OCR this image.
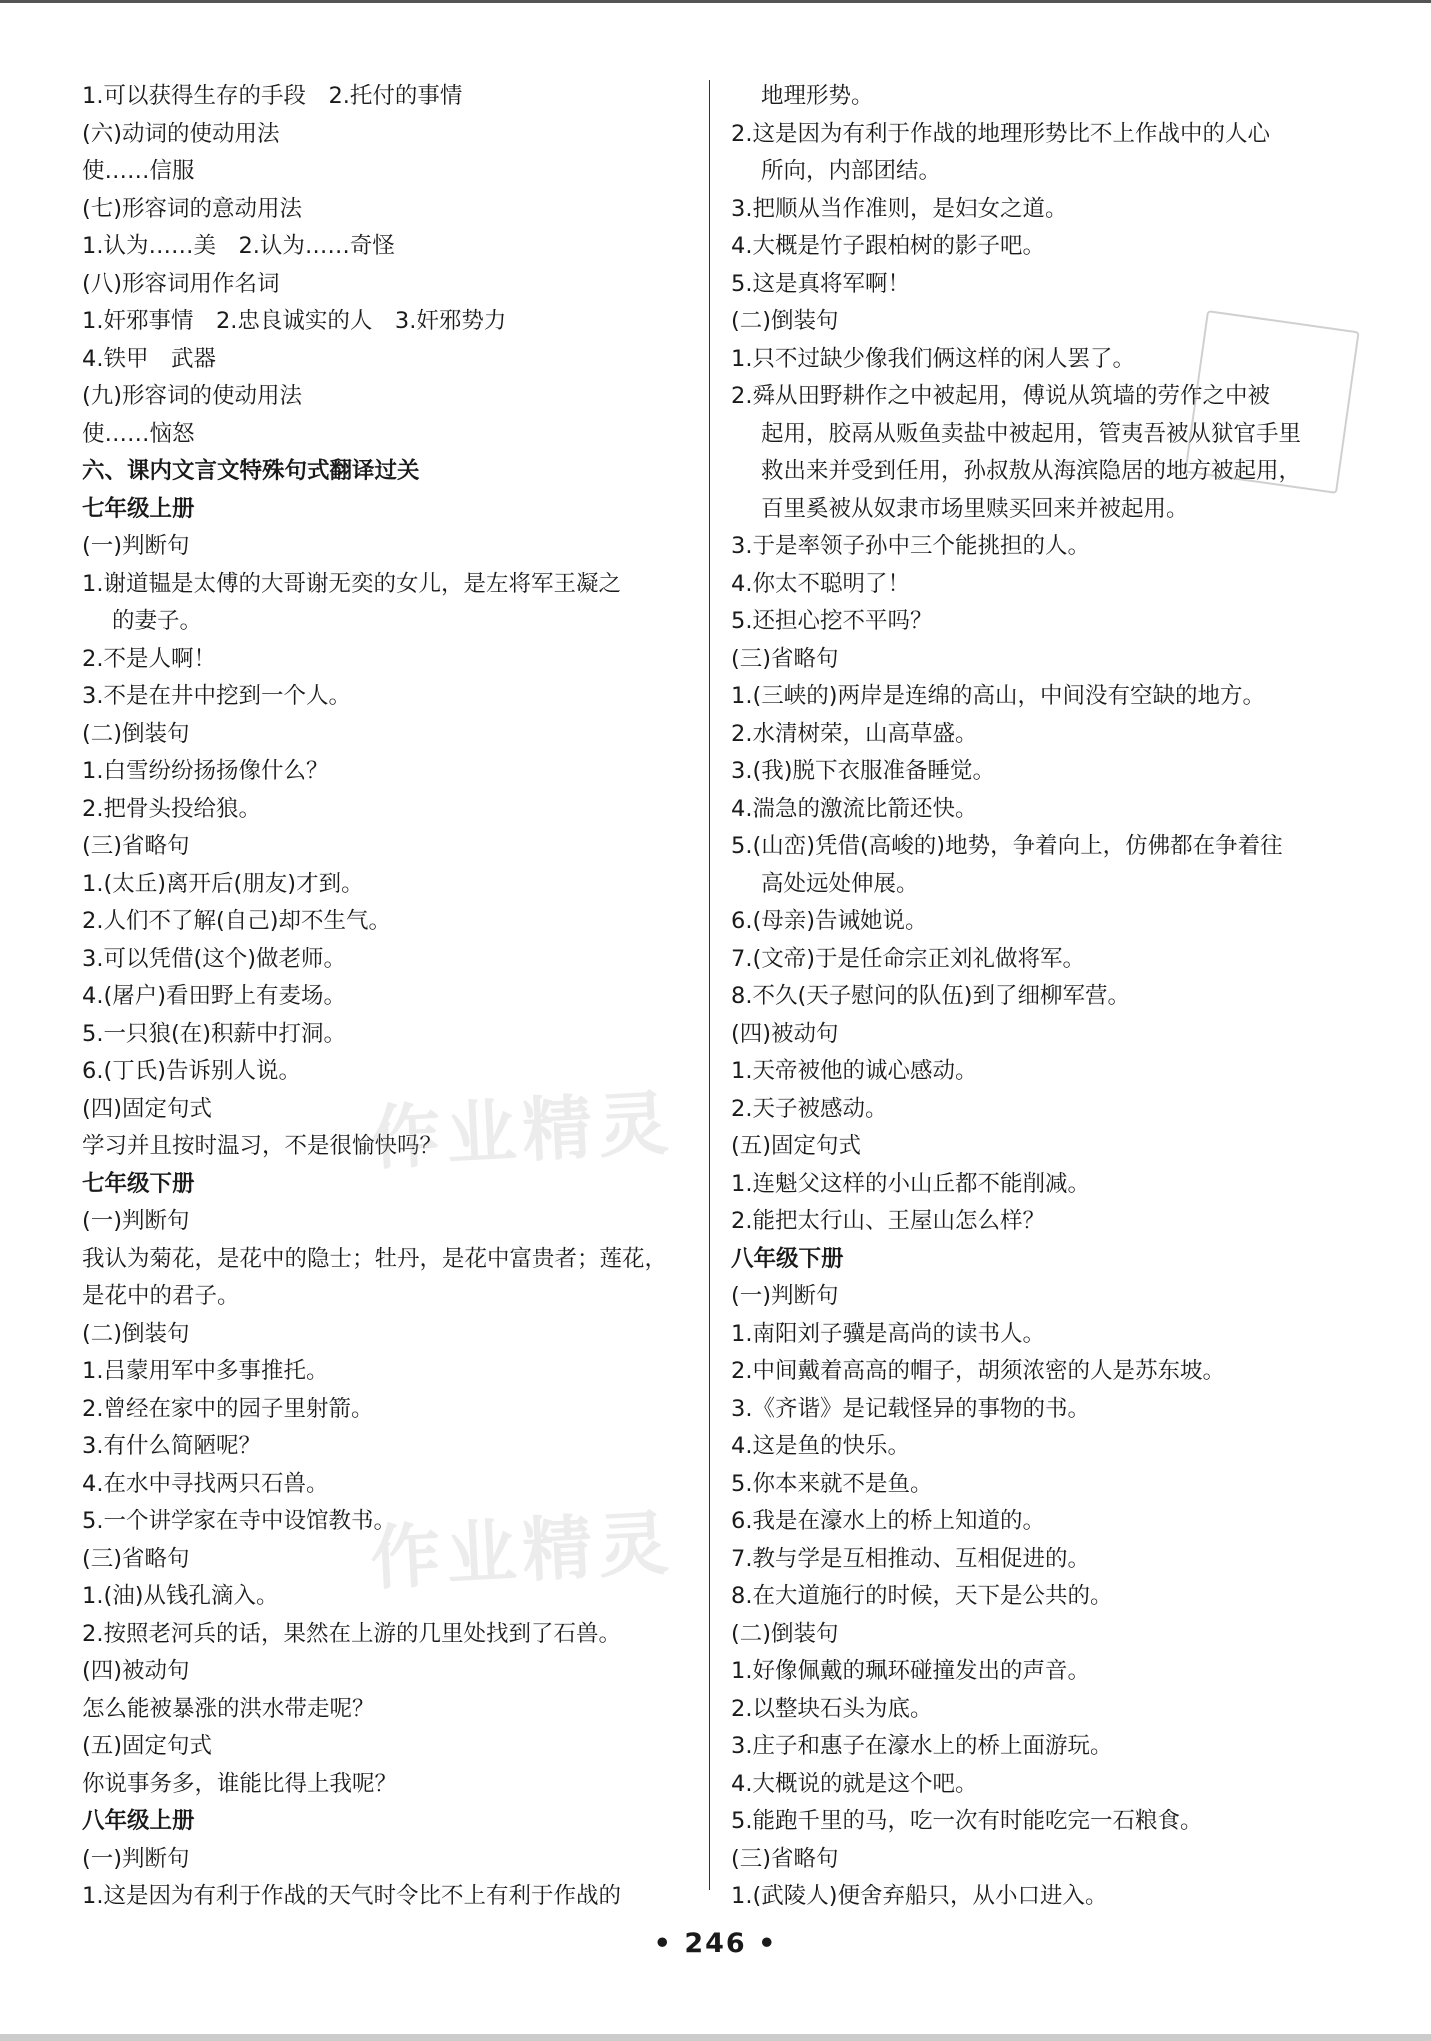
1.可以获得生存的手段　2.托付的事情
(六)动词的使动用法
使……信服
(七)形容词的意动用法
1.认为……美　2.认为……奇怪
(八)形容词用作名词
1.奸邪事情　2.忠良诚实的人　3.奸邪势力
4.铁甲　武器
(九)形容词的使动用法
使……恼怒
六、课内文言文特殊句式翻译过关
七年级上册
(一)判断句
1.谢道韫是太傅的大哥谢无奕的女儿，是左将军王凝之
的妻子。
2.不是人啊！
3.不是在井中挖到一个人。
(二)倒装句
1.白雪纷纷扬扬像什么？
2.把骨头投给狼。
(三)省略句
1.(太丘)离开后(朋友)才到。
2.人们不了解(自己)却不生气。
3.可以凭借(这个)做老师。
4.(屠户)看田野上有麦场。
5.一只狼(在)积薪中打洞。
6.(丁氏)告诉别人说。
(四)固定句式
学习并且按时温习，不是很愉快吗？
七年级下册
(一)判断句
我认为菊花，是花中的隐士；牡丹，是花中富贵者；莲花，
是花中的君子。
(二)倒装句
1.吕蒙用军中多事推托。
2.曾经在家中的园子里射箭。
3.有什么简陋呢？
4.在水中寻找两只石兽。
5.一个讲学家在寺中设馆教书。
(三)省略句
1.(油)从钱孔滴入。
2.按照老河兵的话，果然在上游的几里处找到了石兽。
(四)被动句
怎么能被暴涨的洪水带走呢？
(五)固定句式
你说事务多，谁能比得上我呢？
八年级上册
(一)判断句
1.这是因为有利于作战的天气时令比不上有利于作战的
地理形势。
2.这是因为有利于作战的地理形势比不上作战中的人心
所向，内部团结。
3.把顺从当作准则，是妇女之道。
4.大概是竹子跟柏树的影子吧。
5.这是真将军啊！
(二)倒装句
1.只不过缺少像我们俩这样的闲人罢了。
2.舜从田野耕作之中被起用，傅说从筑墙的劳作之中被
起用，胶鬲从贩鱼卖盐中被起用，管夷吾被从狱官手里
救出来并受到任用，孙叔敖从海滨隐居的地方被起用，
百里奚被从奴隶市场里赎买回来并被起用。
3.于是率领子孙中三个能挑担的人。
4.你太不聪明了！
5.还担心挖不平吗？
(三)省略句
1.(三峡的)两岸是连绵的高山，中间没有空缺的地方。
2.水清树荣，山高草盛。
3.(我)脱下衣服准备睡觉。
4.湍急的激流比箭还快。
5.(山峦)凭借(高峻的)地势，争着向上，仿佛都在争着往
高处远处伸展。
6.(母亲)告诫她说。
7.(文帝)于是任命宗正刘礼做将军。
8.不久(天子慰问的队伍)到了细柳军营。
(四)被动句
1.天帝被他的诚心感动。
2.天子被感动。
(五)固定句式
1.连魁父这样的小山丘都不能削减。
2.能把太行山、王屋山怎么样？
八年级下册
(一)判断句
1.南阳刘子骥是高尚的读书人。
2.中间戴着高高的帽子，胡须浓密的人是苏东坡。
3.《齐谐》是记载怪异的事物的书。
4.这是鱼的快乐。
5.你本来就不是鱼。
6.我是在濠水上的桥上知道的。
7.教与学是互相推动、互相促进的。
8.在大道施行的时候，天下是公共的。
(二)倒装句
1.好像佩戴的珮环碰撞发出的声音。
2.以整块石头为底。
3.庄子和惠子在濠水上的桥上面游玩。
4.大概说的就是这个吧。
5.能跑千里的马，吃一次有时能吃完一石粮食。
(三)省略句
1.(武陵人)便舍弃船只，从小口进入。
作业精灵
作业精灵
• 246 •
